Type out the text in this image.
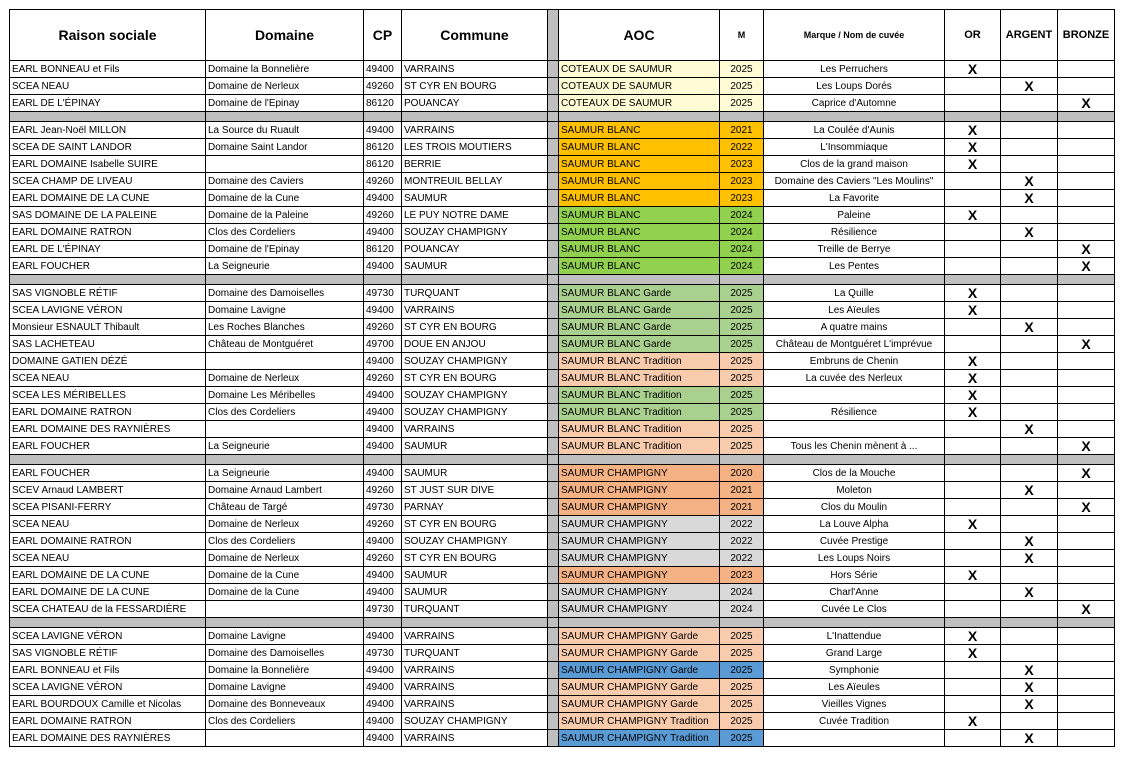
Raison sociale	Domaine	CP	Commune		AOC	M	Marque / Nom de cuvée	OR	ARGENT	BRONZE
EARL BONNEAU et Fils	Domaine la Bonnelière	49400	VARRAINS		COTEAUX DE SAUMUR	2025	Les Perruchers	X		
SCEA NEAU	Domaine de Nerleux	49260	ST CYR EN BOURG		COTEAUX DE SAUMUR	2025	Les Loups Dorés		X	
EARL DE L'ÉPINAY	Domaine de l'Epinay	86120	POUANCAY		COTEAUX DE SAUMUR	2025	Caprice d'Automne			X

EARL Jean-Noël MILLON	La Source du Ruault	49400	VARRAINS		SAUMUR BLANC	2021	La Coulée d'Aunis	X		
SCEA DE SAINT LANDOR	Domaine Saint Landor	86120	LES TROIS MOUTIERS		SAUMUR BLANC	2022	L'Insommiaque	X		
EARL DOMAINE Isabelle SUIRE		86120	BERRIE		SAUMUR BLANC	2023	Clos de la grand maison	X		
SCEA CHAMP DE LIVEAU	Domaine des Caviers	49260	MONTREUIL BELLAY		SAUMUR BLANC	2023	Domaine des Caviers "Les Moulins"		X	
EARL DOMAINE DE LA CUNE	Domaine de la Cune	49400	SAUMUR		SAUMUR BLANC	2023	La Favorite		X	
SAS DOMAINE DE LA PALEINE	Domaine de la Paleine	49260	LE PUY NOTRE DAME		SAUMUR BLANC	2024	Paleine	X		
EARL DOMAINE RATRON	Clos des Cordeliers	49400	SOUZAY CHAMPIGNY		SAUMUR BLANC	2024	Résilience		X	
EARL DE L'ÉPINAY	Domaine de l'Epinay	86120	POUANCAY		SAUMUR BLANC	2024	Treille de Berrye			X
EARL FOUCHER	La Seigneurie	49400	SAUMUR		SAUMUR BLANC	2024	Les Pentes			X

SAS VIGNOBLE RÉTIF	Domaine des Damoiselles	49730	TURQUANT		SAUMUR BLANC Garde	2025	La Quille	X		
SCEA LAVIGNE VÉRON	Domaine Lavigne	49400	VARRAINS		SAUMUR BLANC Garde	2025	Les Aïeules	X		
Monsieur ESNAULT Thibault	Les Roches Blanches	49260	ST CYR EN BOURG		SAUMUR BLANC Garde	2025	A quatre mains		X	
SAS LACHETEAU	Château de Montguéret	49700	DOUE EN ANJOU		SAUMUR BLANC Garde	2025	Château de Montguéret L'imprévue			X
DOMAINE GATIEN DÉZÉ		49400	SOUZAY CHAMPIGNY		SAUMUR BLANC Tradition	2025	Embruns de Chenin	X		
SCEA NEAU	Domaine de Nerleux	49260	ST CYR EN BOURG		SAUMUR BLANC Tradition	2025	La cuvée des Nerleux	X		
SCEA LES MÉRIBELLES	Domaine Les Méribelles	49400	SOUZAY CHAMPIGNY		SAUMUR BLANC Tradition	2025		X		
EARL DOMAINE RATRON	Clos des Cordeliers	49400	SOUZAY CHAMPIGNY		SAUMUR BLANC Tradition	2025	Résilience	X		
EARL DOMAINE DES RAYNIÈRES		49400	VARRAINS		SAUMUR BLANC Tradition	2025			X	
EARL FOUCHER	La Seigneurie	49400	SAUMUR		SAUMUR BLANC Tradition	2025	Tous les Chenin mènent à ...			X

EARL FOUCHER	La Seigneurie	49400	SAUMUR		SAUMUR CHAMPIGNY	2020	Clos de la Mouche			X
SCEV Arnaud LAMBERT	Domaine Arnaud Lambert	49260	ST JUST SUR DIVE		SAUMUR CHAMPIGNY	2021	Moleton		X	
SCEA PISANI-FERRY	Château de Targé	49730	PARNAY		SAUMUR CHAMPIGNY	2021	Clos du Moulin			X
SCEA NEAU	Domaine de Nerleux	49260	ST CYR EN BOURG		SAUMUR CHAMPIGNY	2022	La Louve Alpha	X		
EARL DOMAINE RATRON	Clos des Cordeliers	49400	SOUZAY CHAMPIGNY		SAUMUR CHAMPIGNY	2022	Cuvée Prestige		X	
SCEA NEAU	Domaine de Nerleux	49260	ST CYR EN BOURG		SAUMUR CHAMPIGNY	2022	Les Loups Noirs		X	
EARL DOMAINE DE LA CUNE	Domaine de la Cune	49400	SAUMUR		SAUMUR CHAMPIGNY	2023	Hors Série	X		
EARL DOMAINE DE LA CUNE	Domaine de la Cune	49400	SAUMUR		SAUMUR CHAMPIGNY	2024	Charl'Anne		X	
SCEA CHATEAU de la FESSARDIÈRE		49730	TURQUANT		SAUMUR CHAMPIGNY	2024	Cuvée Le Clos			X

SCEA LAVIGNE VÉRON	Domaine Lavigne	49400	VARRAINS		SAUMUR CHAMPIGNY Garde	2025	L'Inattendue	X		
SAS VIGNOBLE RÉTIF	Domaine des Damoiselles	49730	TURQUANT		SAUMUR CHAMPIGNY Garde	2025	Grand Large	X		
EARL BONNEAU et Fils	Domaine la Bonnelière	49400	VARRAINS		SAUMUR CHAMPIGNY Garde	2025	Symphonie		X	
SCEA LAVIGNE VÉRON	Domaine Lavigne	49400	VARRAINS		SAUMUR CHAMPIGNY Garde	2025	Les Aïeules		X	
EARL BOURDOUX Camille et Nicolas	Domaine des Bonneveaux	49400	VARRAINS		SAUMUR CHAMPIGNY Garde	2025	Vieilles Vignes		X	
EARL DOMAINE RATRON	Clos des Cordeliers	49400	SOUZAY CHAMPIGNY		SAUMUR CHAMPIGNY Tradition	2025	Cuvée Tradition	X		
EARL DOMAINE DES RAYNIÈRES		49400	VARRAINS		SAUMUR CHAMPIGNY Tradition	2025			X	
